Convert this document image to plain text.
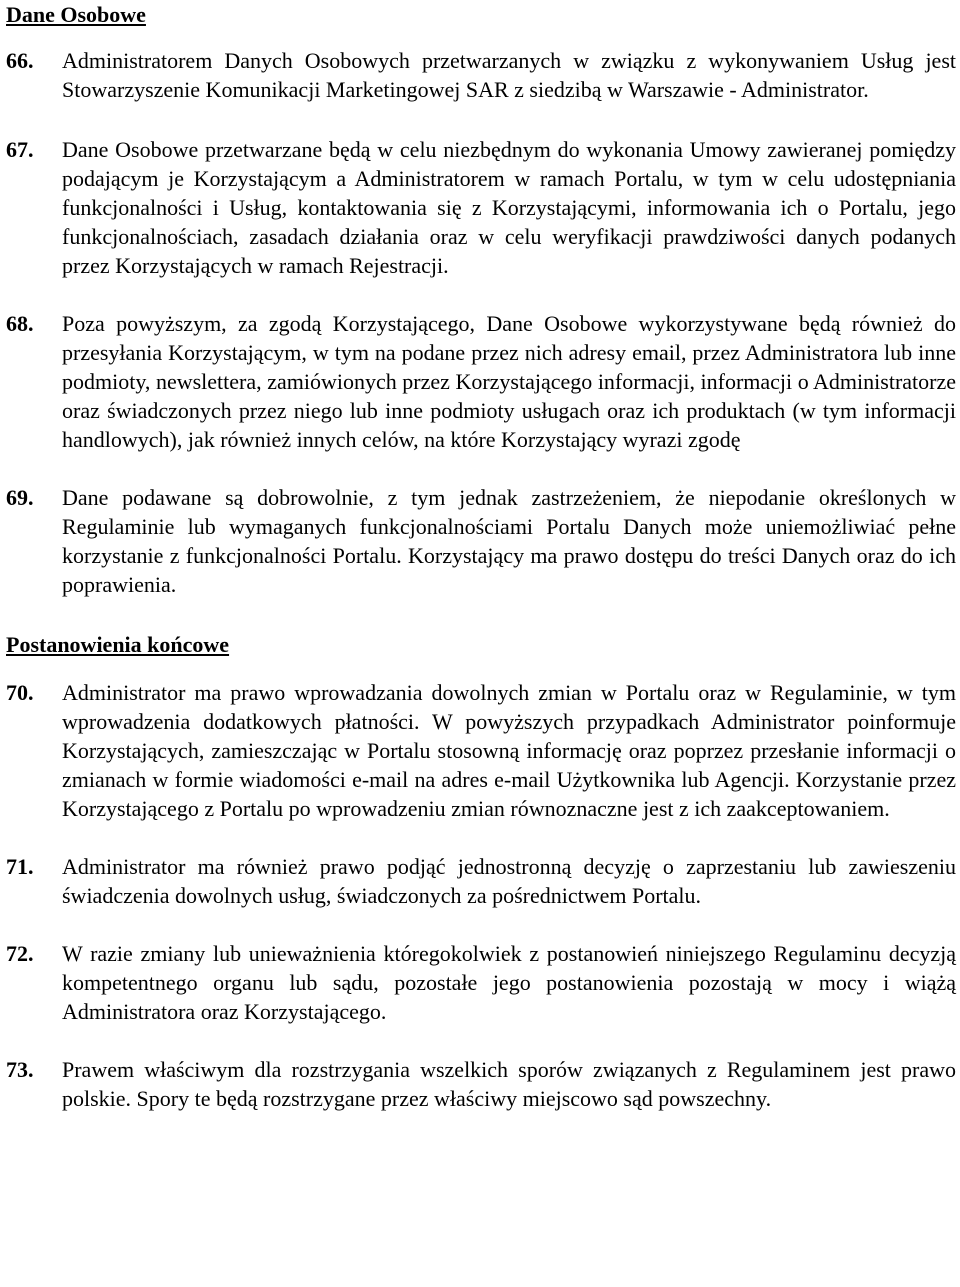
Dane Osobowe
66.	Administratorem Danych Osobowych przetwarzanych w związku z wykonywaniem Usług jest Stowarzyszenie Komunikacji Marketingowej SAR z siedzibą w Warszawie - Administrator.

67.	Dane Osobowe przetwarzane będą w celu niezbędnym do wykonania Umowy zawieranej pomiędzy podającym je Korzystającym a Administratorem w ramach Portalu, w tym w celu udostępniania funkcjonalności i Usług, kontaktowania się z Korzystającymi, informowania ich o Portalu, jego funkcjonalnościach, zasadach działania oraz w celu weryfikacji prawdziwości danych podanych przez Korzystających w ramach Rejestracji.

68.	Poza powyższym, za zgodą Korzystającego, Dane Osobowe wykorzystywane będą również do przesyłania Korzystającym, w tym na podane przez nich adresy email, przez Administratora lub inne podmioty, newslettera, zamiówionych przez Korzystającego informacji, informacji o Administratorze oraz świadczonych przez niego lub inne podmioty usługach oraz ich produktach (w tym informacji handlowych), jak również innych celów, na które Korzystający wyrazi zgodę

69.	Dane podawane są dobrowolnie, z tym jednak zastrzeżeniem, że niepodanie określonych w Regulaminie lub wymaganych funkcjonalnościami Portalu Danych może uniemożliwiać pełne korzystanie z funkcjonalności Portalu. Korzystający ma prawo dostępu do treści Danych oraz do ich poprawienia.

Postanowienia końcowe
70.	Administrator ma prawo wprowadzania dowolnych zmian w Portalu oraz w Regulaminie, w tym wprowadzenia dodatkowych płatności. W powyższych przypadkach Administrator poinformuje Korzystających, zamieszczając w Portalu stosowną informację oraz poprzez przesłanie informacji o zmianach w formie wiadomości e-mail na adres e-mail Użytkownika lub Agencji. Korzystanie przez Korzystającego z Portalu po wprowadzeniu zmian równoznaczne jest z ich zaakceptowaniem.

71.	Administrator ma również prawo podjąć jednostronną decyzję o zaprzestaniu lub zawieszeniu świadczenia dowolnych usług, świadczonych za pośrednictwem Portalu.

72.	W razie zmiany lub unieważnienia któregokolwiek z postanowień niniejszego Regulaminu decyzją kompetentnego organu lub sądu, pozostałe jego postanowienia pozostają w mocy i wiążą Administratora oraz Korzystającego.

73.	Prawem właściwym dla rozstrzygania wszelkich sporów związanych z Regulaminem jest prawo polskie. Spory te będą rozstrzygane przez właściwy miejscowo sąd powszechny.
